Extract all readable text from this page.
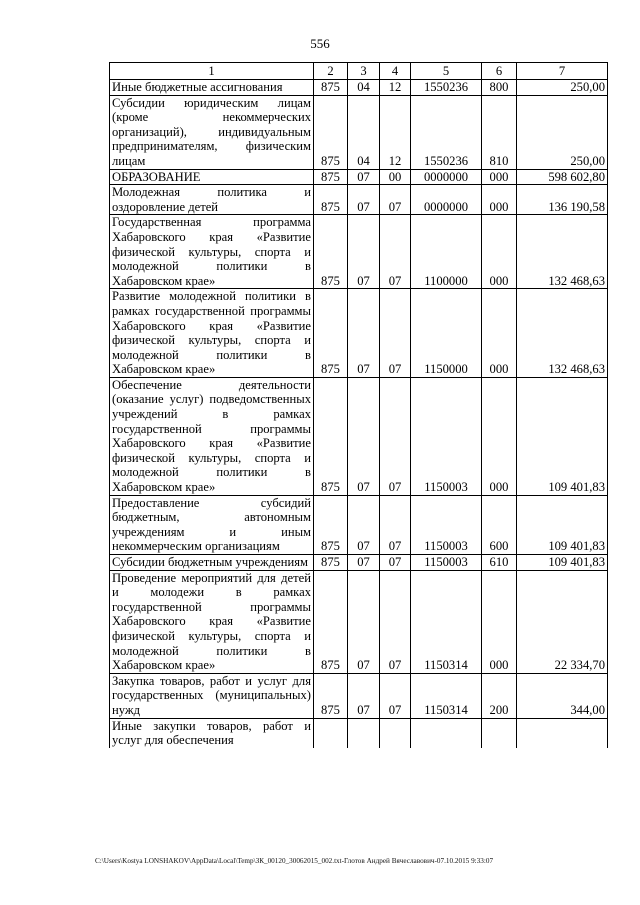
556
1	2	3	4	5	6	7
Иные бюджетные ассигнования	875	04	12	1550236	800	250,00
Субсидии юридическим лицам (кроме некоммерческих организаций), индивидуальным предпринимателям, физическим лицам	875	04	12	1550236	810	250,00
ОБРАЗОВАНИЕ	875	07	00	0000000	000	598 602,80
Молодежная политика и оздоровление детей	875	07	07	0000000	000	136 190,58
Государственная программа Хабаровского края «Развитие физической культуры, спорта и молодежной политики в Хабаровском крае»	875	07	07	1100000	000	132 468,63
Развитие молодежной политики в рамках государственной программы Хабаровского края «Развитие физической культуры, спорта и молодежной политики в Хабаровском крае»	875	07	07	1150000	000	132 468,63
Обеспечение деятельности (оказание услуг) подведомственных учреждений в рамках государственной программы Хабаровского края «Развитие физической культуры, спорта и молодежной политики в Хабаровском крае»	875	07	07	1150003	000	109 401,83
Предоставление субсидий бюджетным, автономным учреждениям и иным некоммерческим организациям	875	07	07	1150003	600	109 401,83
Субсидии бюджетным учреждениям	875	07	07	1150003	610	109 401,83
Проведение мероприятий для детей и молодежи в рамках государственной программы Хабаровского края «Развитие физической культуры, спорта и молодежной политики в Хабаровском крае»	875	07	07	1150314	000	22 334,70
Закупка товаров, работ и услуг для государственных (муниципальных) нужд	875	07	07	1150314	200	344,00
Иные закупки товаров, работ и услуг для обеспечения						
C:\Users\Kostya LONSHAKOV\AppData\Local\Temp\ЗК_00120_30062015_002.txt-Глотов Андрей Вячеславович-07.10.2015 9:33:07
